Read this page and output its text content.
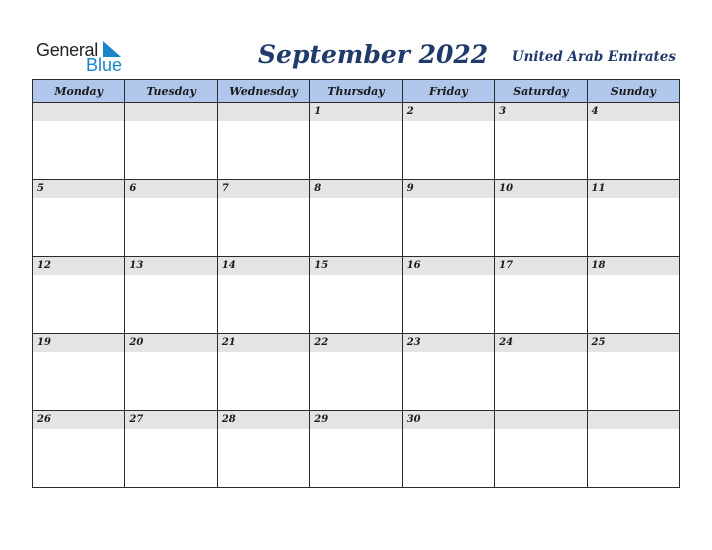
General
Blue	September 2022 United Arab Emirates
Monday	Tuesday	Wednesday	Thursday	Friday	Saturday	Sunday

			1	2	3	4

5	6	7	8	9	10	11

12	13	14	15	16	17	18

19	20	21	22	23	24	25

26	27	28	29	30		
